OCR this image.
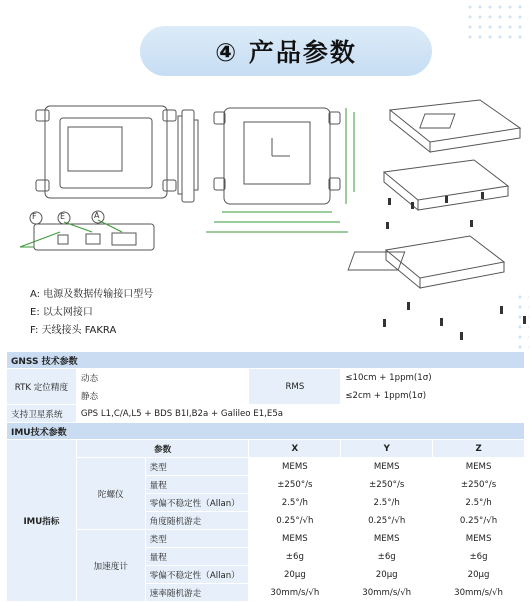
④ 产品参数
F	E	A
A: 电源及数据传输接口型号
E: 以太网接口
F: 天线接头 FAKRA
GNSS 技术参数					
RTK 定位精度	动态		RMS	≤10cm + 1ppm(1σ)	
	静态			≤2cm + 1ppm(1σ)	
支持卫星系统	GPS L1,C/A,L5 + BDS B1I,B2a + Galileo E1,E5a				
IMU技术参数					
IMU指标	参数		X	Y	Z
	陀螺仪	类型	MEMS	MEMS	MEMS
		量程	±250°/s	±250°/s	±250°/s
		零偏不稳定性（Allan）	2.5°/h	2.5°/h	2.5°/h
		角度随机游走	0.25°/√h	0.25°/√h	0.25°/√h
	加速度计	类型	MEMS	MEMS	MEMS
		量程	±6g	±6g	±6g
		零偏不稳定性（Allan）	20μg	20μg	20μg
		速率随机游走	30mm/s/√h	30mm/s/√h	30mm/s/√h
